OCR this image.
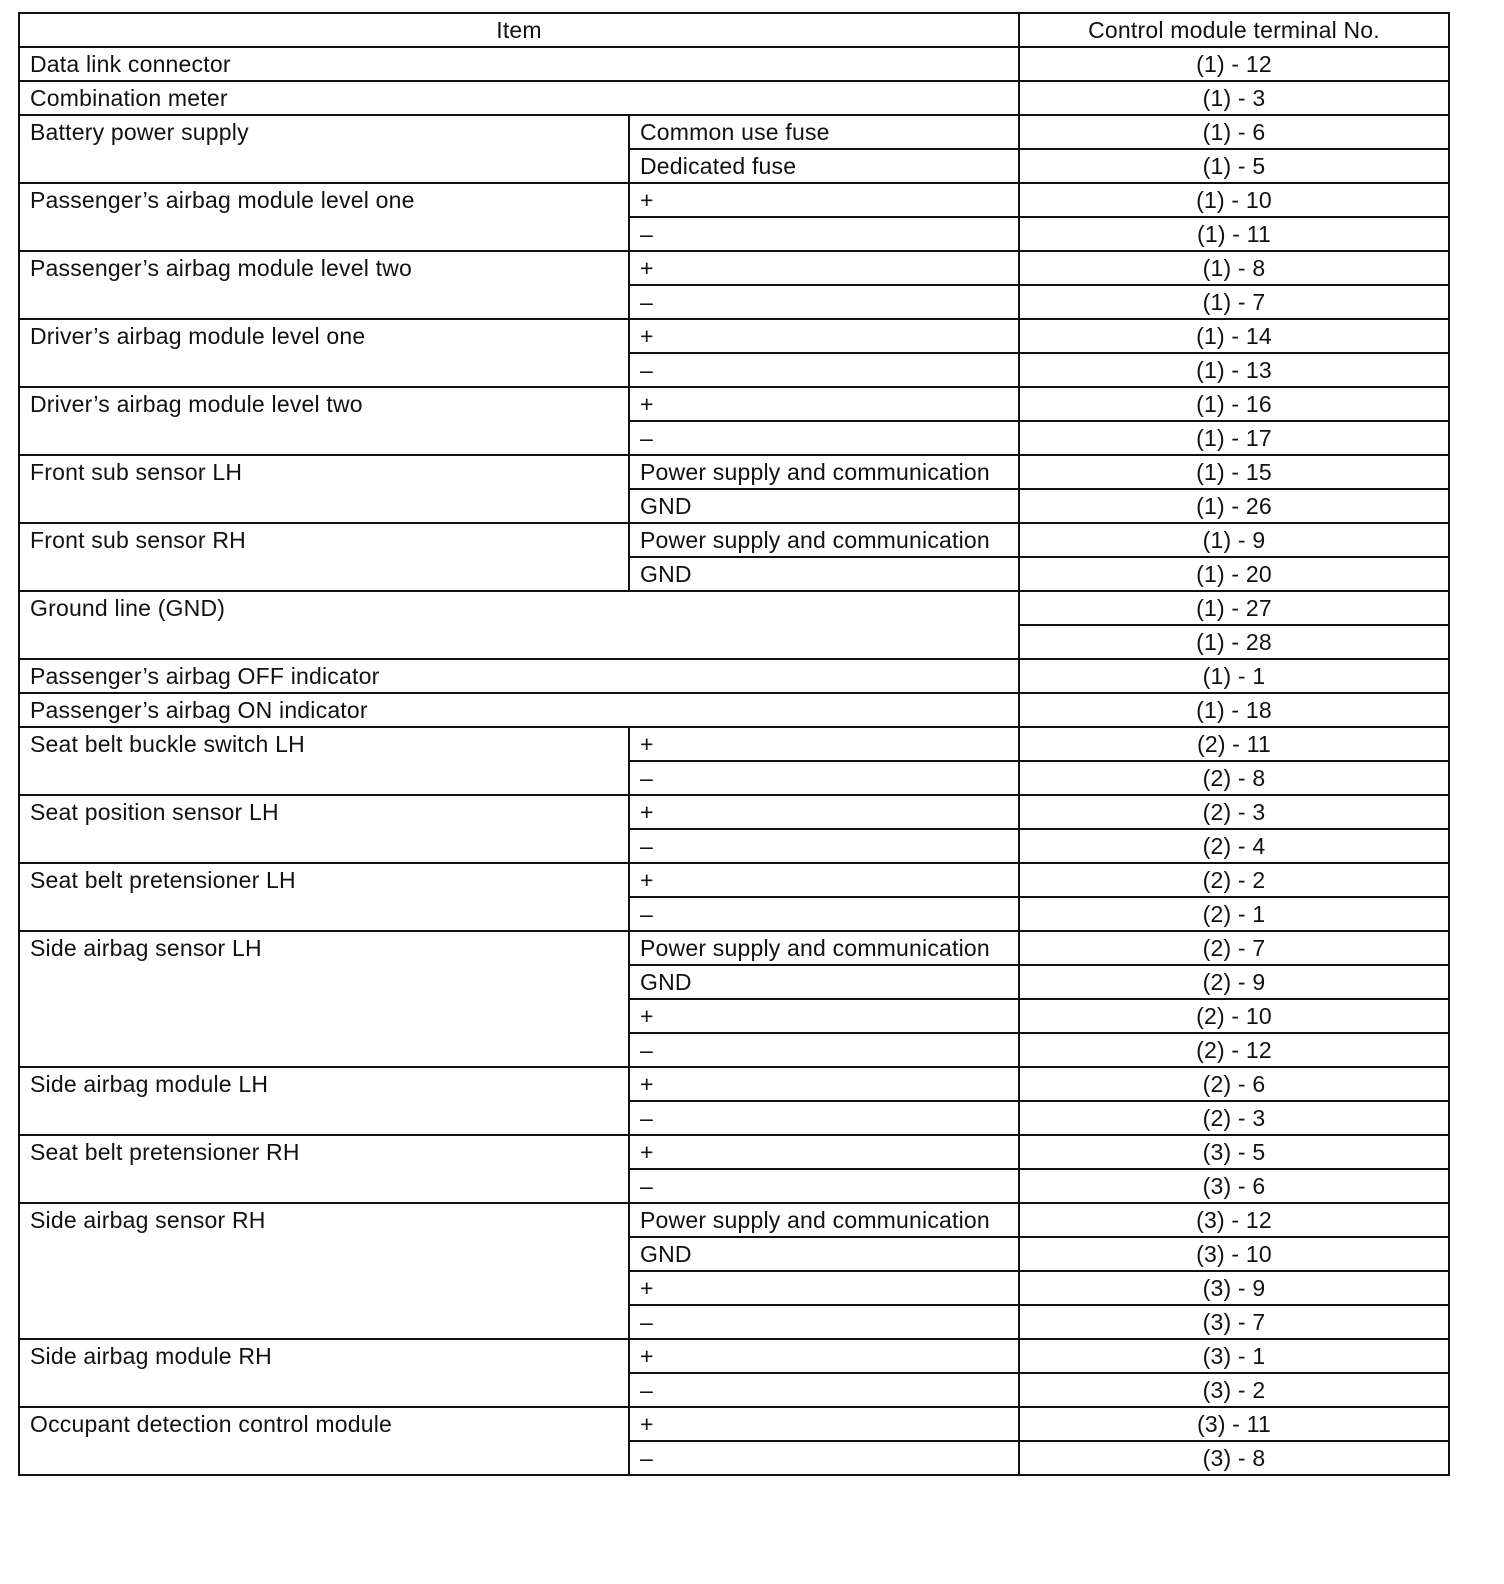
Item		Control module terminal No.
Data link connector		(1) - 12
Combination meter		(1) - 3
Battery power supply	Common use fuse	(1) - 6
	Dedicated fuse	(1) - 5
Passenger’s airbag module level one	+	(1) - 10
	–	(1) - 11
Passenger’s airbag module level two	+	(1) - 8
	–	(1) - 7
Driver’s airbag module level one	+	(1) - 14
	–	(1) - 13
Driver’s airbag module level two	+	(1) - 16
	–	(1) - 17
Front sub sensor LH	Power supply and communication	(1) - 15
	GND	(1) - 26
Front sub sensor RH	Power supply and communication	(1) - 9
	GND	(1) - 20
Ground line (GND)		(1) - 27
		(1) - 28
Passenger’s airbag OFF indicator		(1) - 1
Passenger’s airbag ON indicator		(1) - 18
Seat belt buckle switch LH	+	(2) - 11
	–	(2) - 8
Seat position sensor LH	+	(2) - 3
	–	(2) - 4
Seat belt pretensioner LH	+	(2) - 2
	–	(2) - 1
Side airbag sensor LH	Power supply and communication	(2) - 7
	GND	(2) - 9
	+	(2) - 10
	–	(2) - 12
Side airbag module LH	+	(2) - 6
	–	(2) - 3
Seat belt pretensioner RH	+	(3) - 5
	–	(3) - 6
Side airbag sensor RH	Power supply and communication	(3) - 12
	GND	(3) - 10
	+	(3) - 9
	–	(3) - 7
Side airbag module RH	+	(3) - 1
	–	(3) - 2
Occupant detection control module	+	(3) - 11
	–	(3) - 8
